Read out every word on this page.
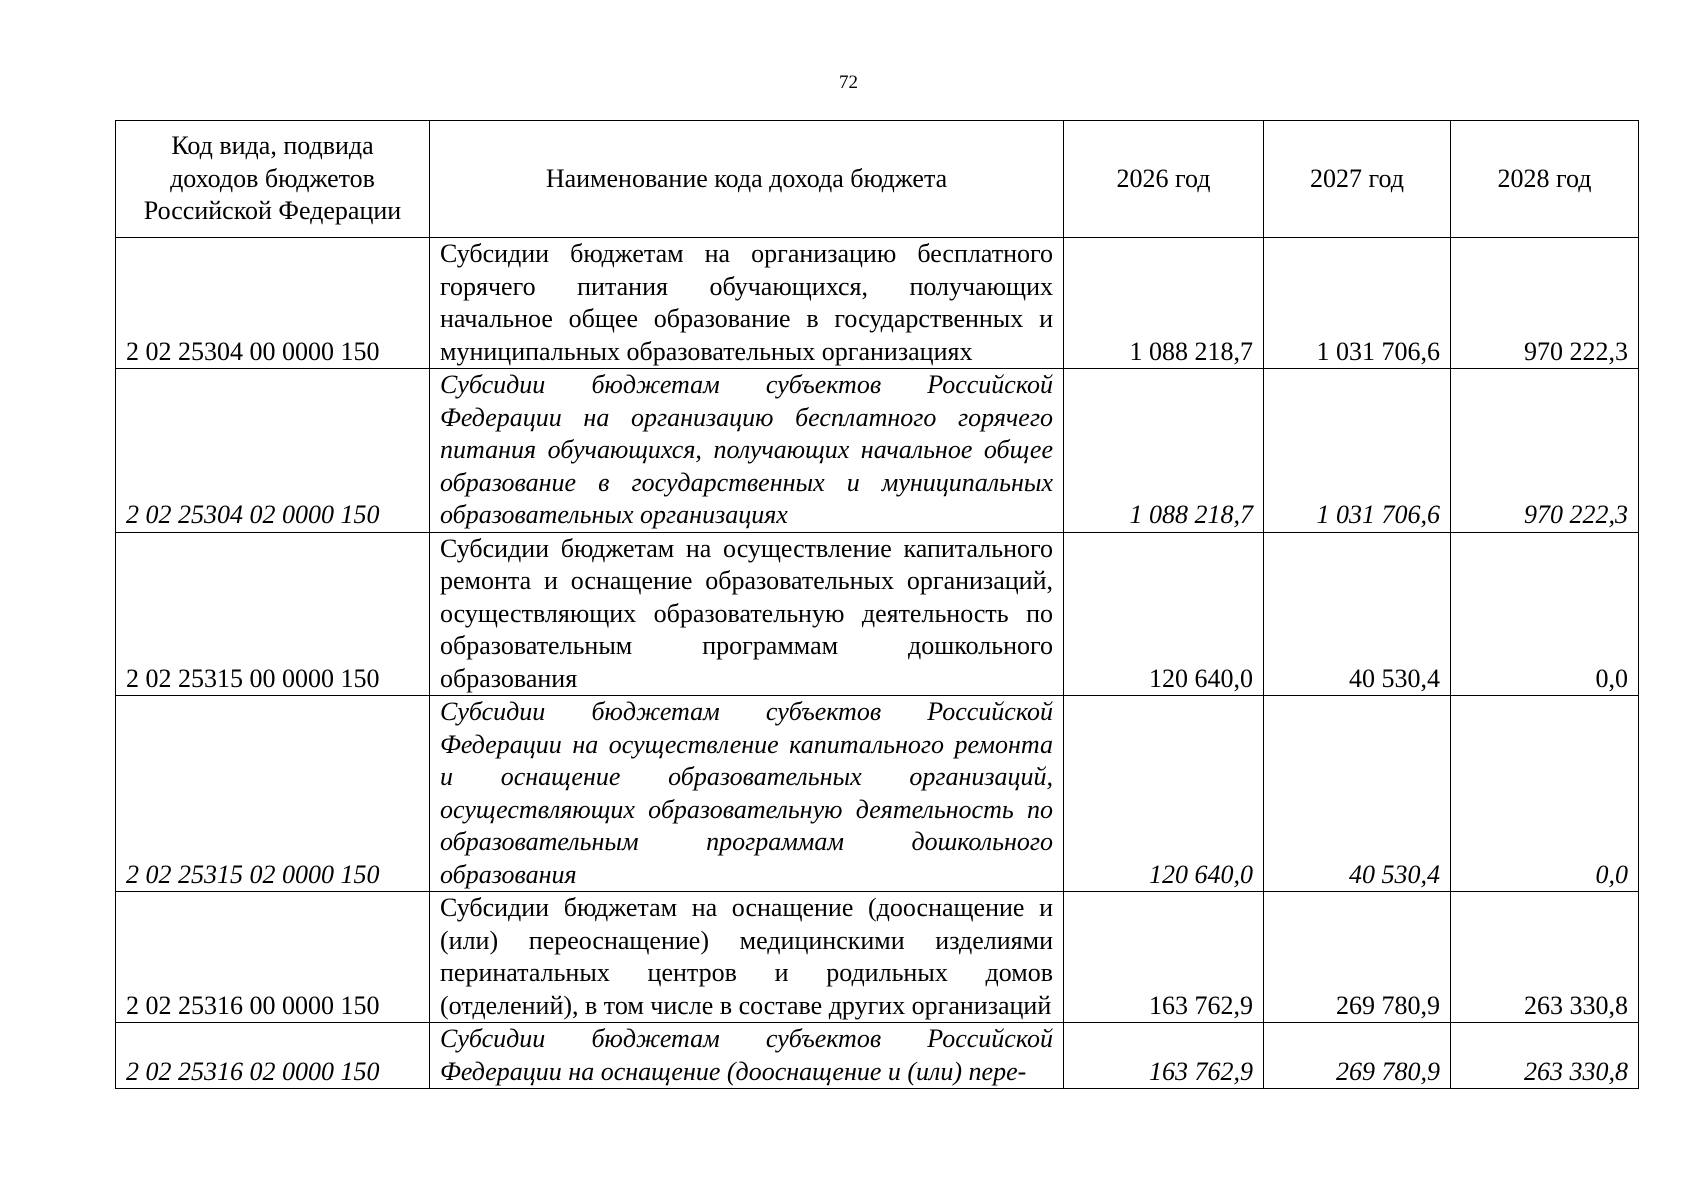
72
Код вида, подвида доходов бюджетов Российской Федерации	Наименование кода дохода бюджета	2026 год	2027 год	2028 год
2 02 25304 00 0000 150	Субсидии бюджетам на организацию бесплатного горячего питания обучающихся, получающих начальное общее образование в государственных и муниципальных образовательных организациях	1 088 218,7	1 031 706,6	970 222,3
2 02 25304 02 0000 150	Субсидии бюджетам субъектов Российской Федерации на организацию бесплатного горячего питания обучающихся, получающих начальное общее образование в государственных и муниципальных образовательных организациях	1 088 218,7	1 031 706,6	970 222,3
2 02 25315 00 0000 150	Субсидии бюджетам на осуществление капитального ремонта и оснащение образовательных организаций, осуществляющих образовательную деятельность по образовательным программам дошкольного образования	120 640,0	40 530,4	0,0
2 02 25315 02 0000 150	Субсидии бюджетам субъектов Российской Федерации на осуществление капитального ремонта и оснащение образовательных организаций, осуществляющих образовательную деятельность по образовательным программам дошкольного образования	120 640,0	40 530,4	0,0
2 02 25316 00 0000 150	Субсидии бюджетам на оснащение (дооснащение и (или) переоснащение) медицинскими изделиями перинатальных центров и родильных домов (отделений), в том числе в составе других организаций	163 762,9	269 780,9	263 330,8
2 02 25316 02 0000 150	Субсидии бюджетам субъектов Российской Федерации на оснащение (дооснащение и (или) пере-	163 762,9	269 780,9	263 330,8
